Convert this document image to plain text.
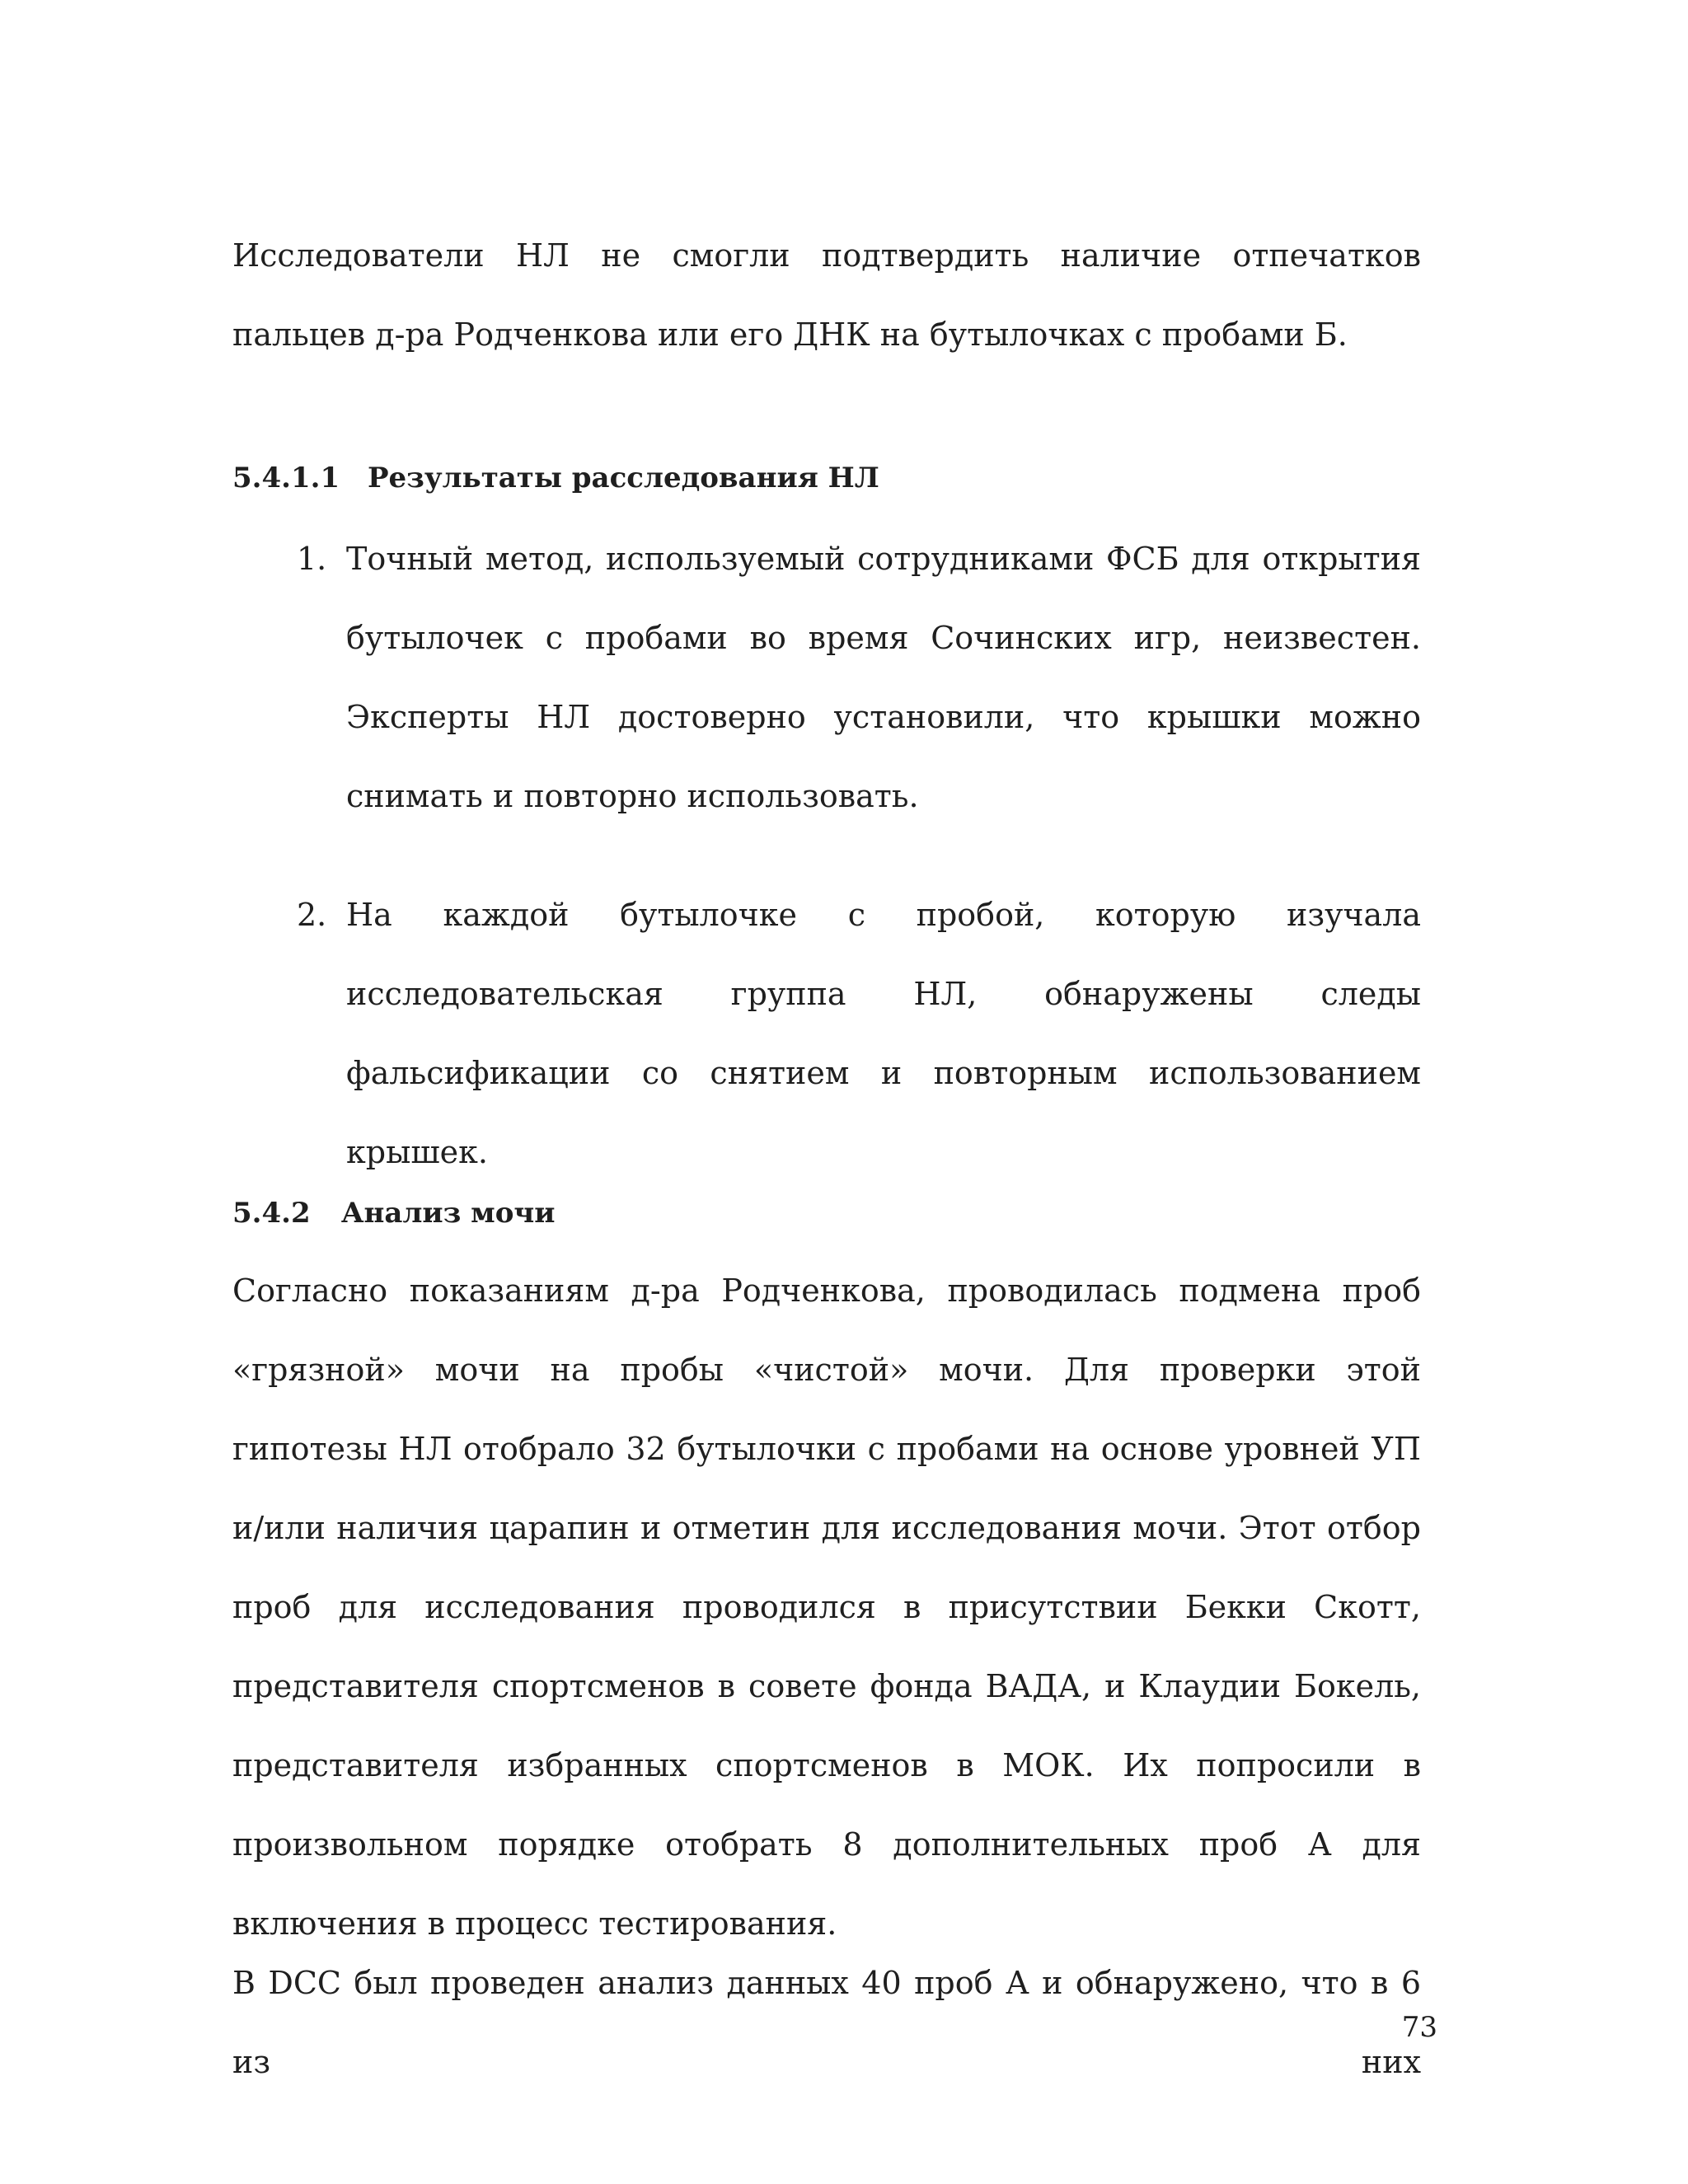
Исследователи НЛ не смогли подтвердить наличие отпечатков пальцев д-ра Родченкова или его ДНК на бутылочках с пробами Б.

5.4.1.1 Результаты расследования НЛ
1. Точный метод, используемый сотрудниками ФСБ для открытия бутылочек с пробами во время Сочинских игр, неизвестен. Эксперты НЛ достоверно установили, что крышки можно снимать и повторно использовать.
2. На каждой бутылочке с пробой, которую изучала исследовательская группа НЛ, обнаружены следы фальсификации со снятием и повторным использованием крышек.
5.4.2 Анализ мочи

Согласно показаниям д-ра Родченкова, проводилась подмена проб «грязной» мочи на пробы «чистой» мочи. Для проверки этой гипотезы НЛ отобрало 32 бутылочки с пробами на основе уровней УП и/или наличия царапин и отметин для исследования мочи. Этот отбор проб для исследования проводился в присутствии Бекки Скотт, представителя спортсменов в совете фонда ВАДА, и Клаудии Бокель, представителя избранных спортсменов в МОК. Их попросили в произвольном порядке отобрать 8 дополнительных проб А для включения в процесс тестирования.

В DCC был проведен анализ данных 40 проб А и обнаружено, что в 6 из них

73
